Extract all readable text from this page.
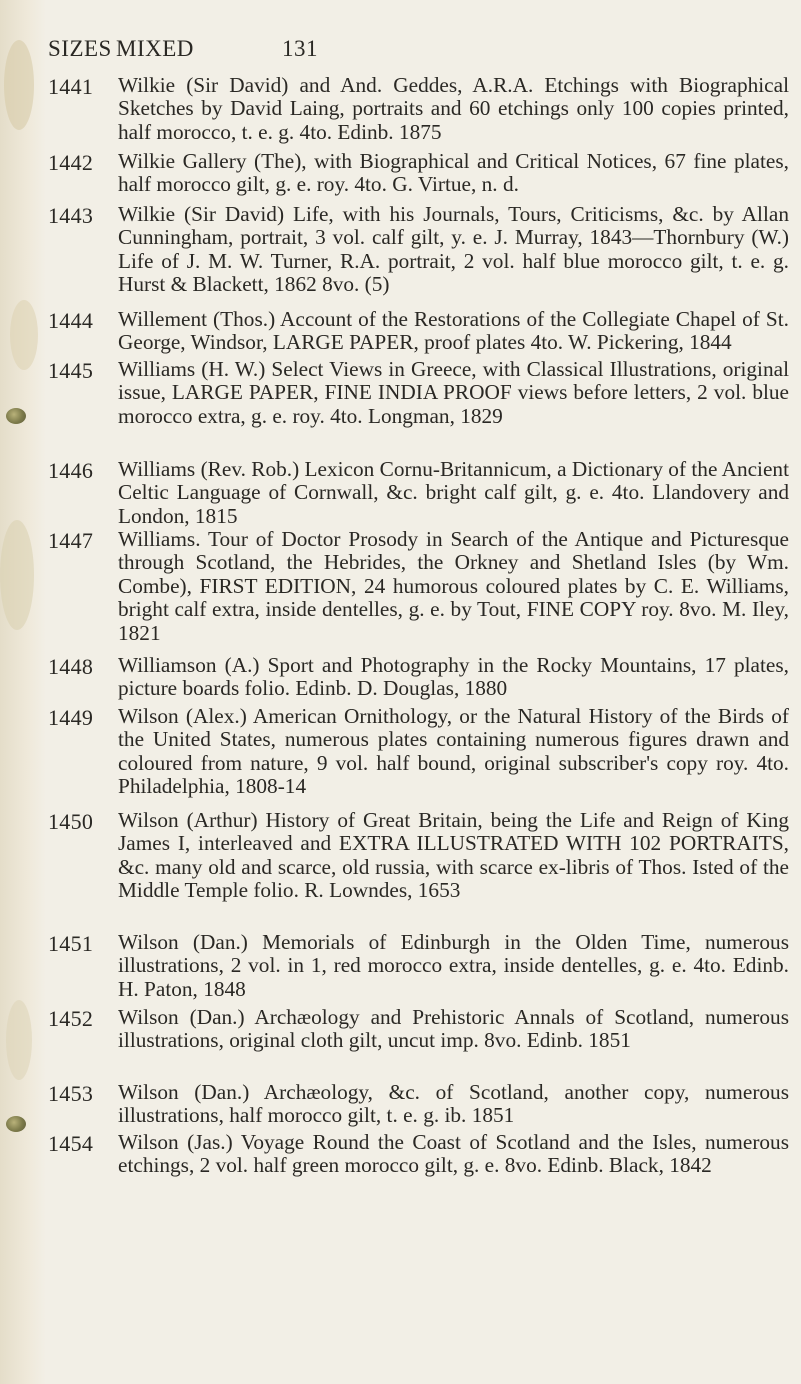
SIZES MIXED	131
1441	Wilkie (Sir David) and And. Geddes, A.R.A. Etchings with Biographical Sketches by David Laing, portraits and 60 etchings only 100 copies printed, half morocco, t. e. g. 4to. Edinb. 1875
1442	Wilkie Gallery (The), with Biographical and Critical Notices, 67 fine plates, half morocco gilt, g. e. roy. 4to. G. Virtue, n. d.
1443	Wilkie (Sir David) Life, with his Journals, Tours, Criticisms, &c. by Allan Cunningham, portrait, 3 vol. calf gilt, y. e. J. Murray, 1843—Thornbury (W.) Life of J. M. W. Turner, R.A. portrait, 2 vol. half blue morocco gilt, t. e. g. Hurst & Blackett, 1862 8vo. (5)
1444	Willement (Thos.) Account of the Restorations of the Collegiate Chapel of St. George, Windsor, LARGE PAPER, proof plates 4to. W. Pickering, 1844
1445	Williams (H. W.) Select Views in Greece, with Classical Illustrations, original issue, LARGE PAPER, FINE INDIA PROOF views before letters, 2 vol. blue morocco extra, g. e. roy. 4to. Longman, 1829
1446	Williams (Rev. Rob.) Lexicon Cornu-Britannicum, a Dictionary of the Ancient Celtic Language of Cornwall, &c. bright calf gilt, g. e. 4to. Llandovery and London, 1815
1447	Williams. Tour of Doctor Prosody in Search of the Antique and Picturesque through Scotland, the Hebrides, the Orkney and Shetland Isles (by Wm. Combe), FIRST EDITION, 24 humorous coloured plates by C. E. Williams, bright calf extra, inside dentelles, g. e. by Tout, FINE COPY roy. 8vo. M. Iley, 1821
1448	Williamson (A.) Sport and Photography in the Rocky Mountains, 17 plates, picture boards folio. Edinb. D. Douglas, 1880
1449	Wilson (Alex.) American Ornithology, or the Natural History of the Birds of the United States, numerous plates containing numerous figures drawn and coloured from nature, 9 vol. half bound, original subscriber's copy roy. 4to. Philadelphia, 1808-14
1450	Wilson (Arthur) History of Great Britain, being the Life and Reign of King James I, interleaved and EXTRA ILLUSTRATED WITH 102 PORTRAITS, &c. many old and scarce, old russia, with scarce ex-libris of Thos. Isted of the Middle Temple folio. R. Lowndes, 1653
1451	Wilson (Dan.) Memorials of Edinburgh in the Olden Time, numerous illustrations, 2 vol. in 1, red morocco extra, inside dentelles, g. e. 4to. Edinb. H. Paton, 1848
1452	Wilson (Dan.) Archæology and Prehistoric Annals of Scotland, numerous illustrations, original cloth gilt, uncut imp. 8vo. Edinb. 1851
1453	Wilson (Dan.) Archæology, &c. of Scotland, another copy, numerous illustrations, half morocco gilt, t. e. g. ib. 1851
1454	Wilson (Jas.) Voyage Round the Coast of Scotland and the Isles, numerous etchings, 2 vol. half green morocco gilt, g. e. 8vo. Edinb. Black, 1842
